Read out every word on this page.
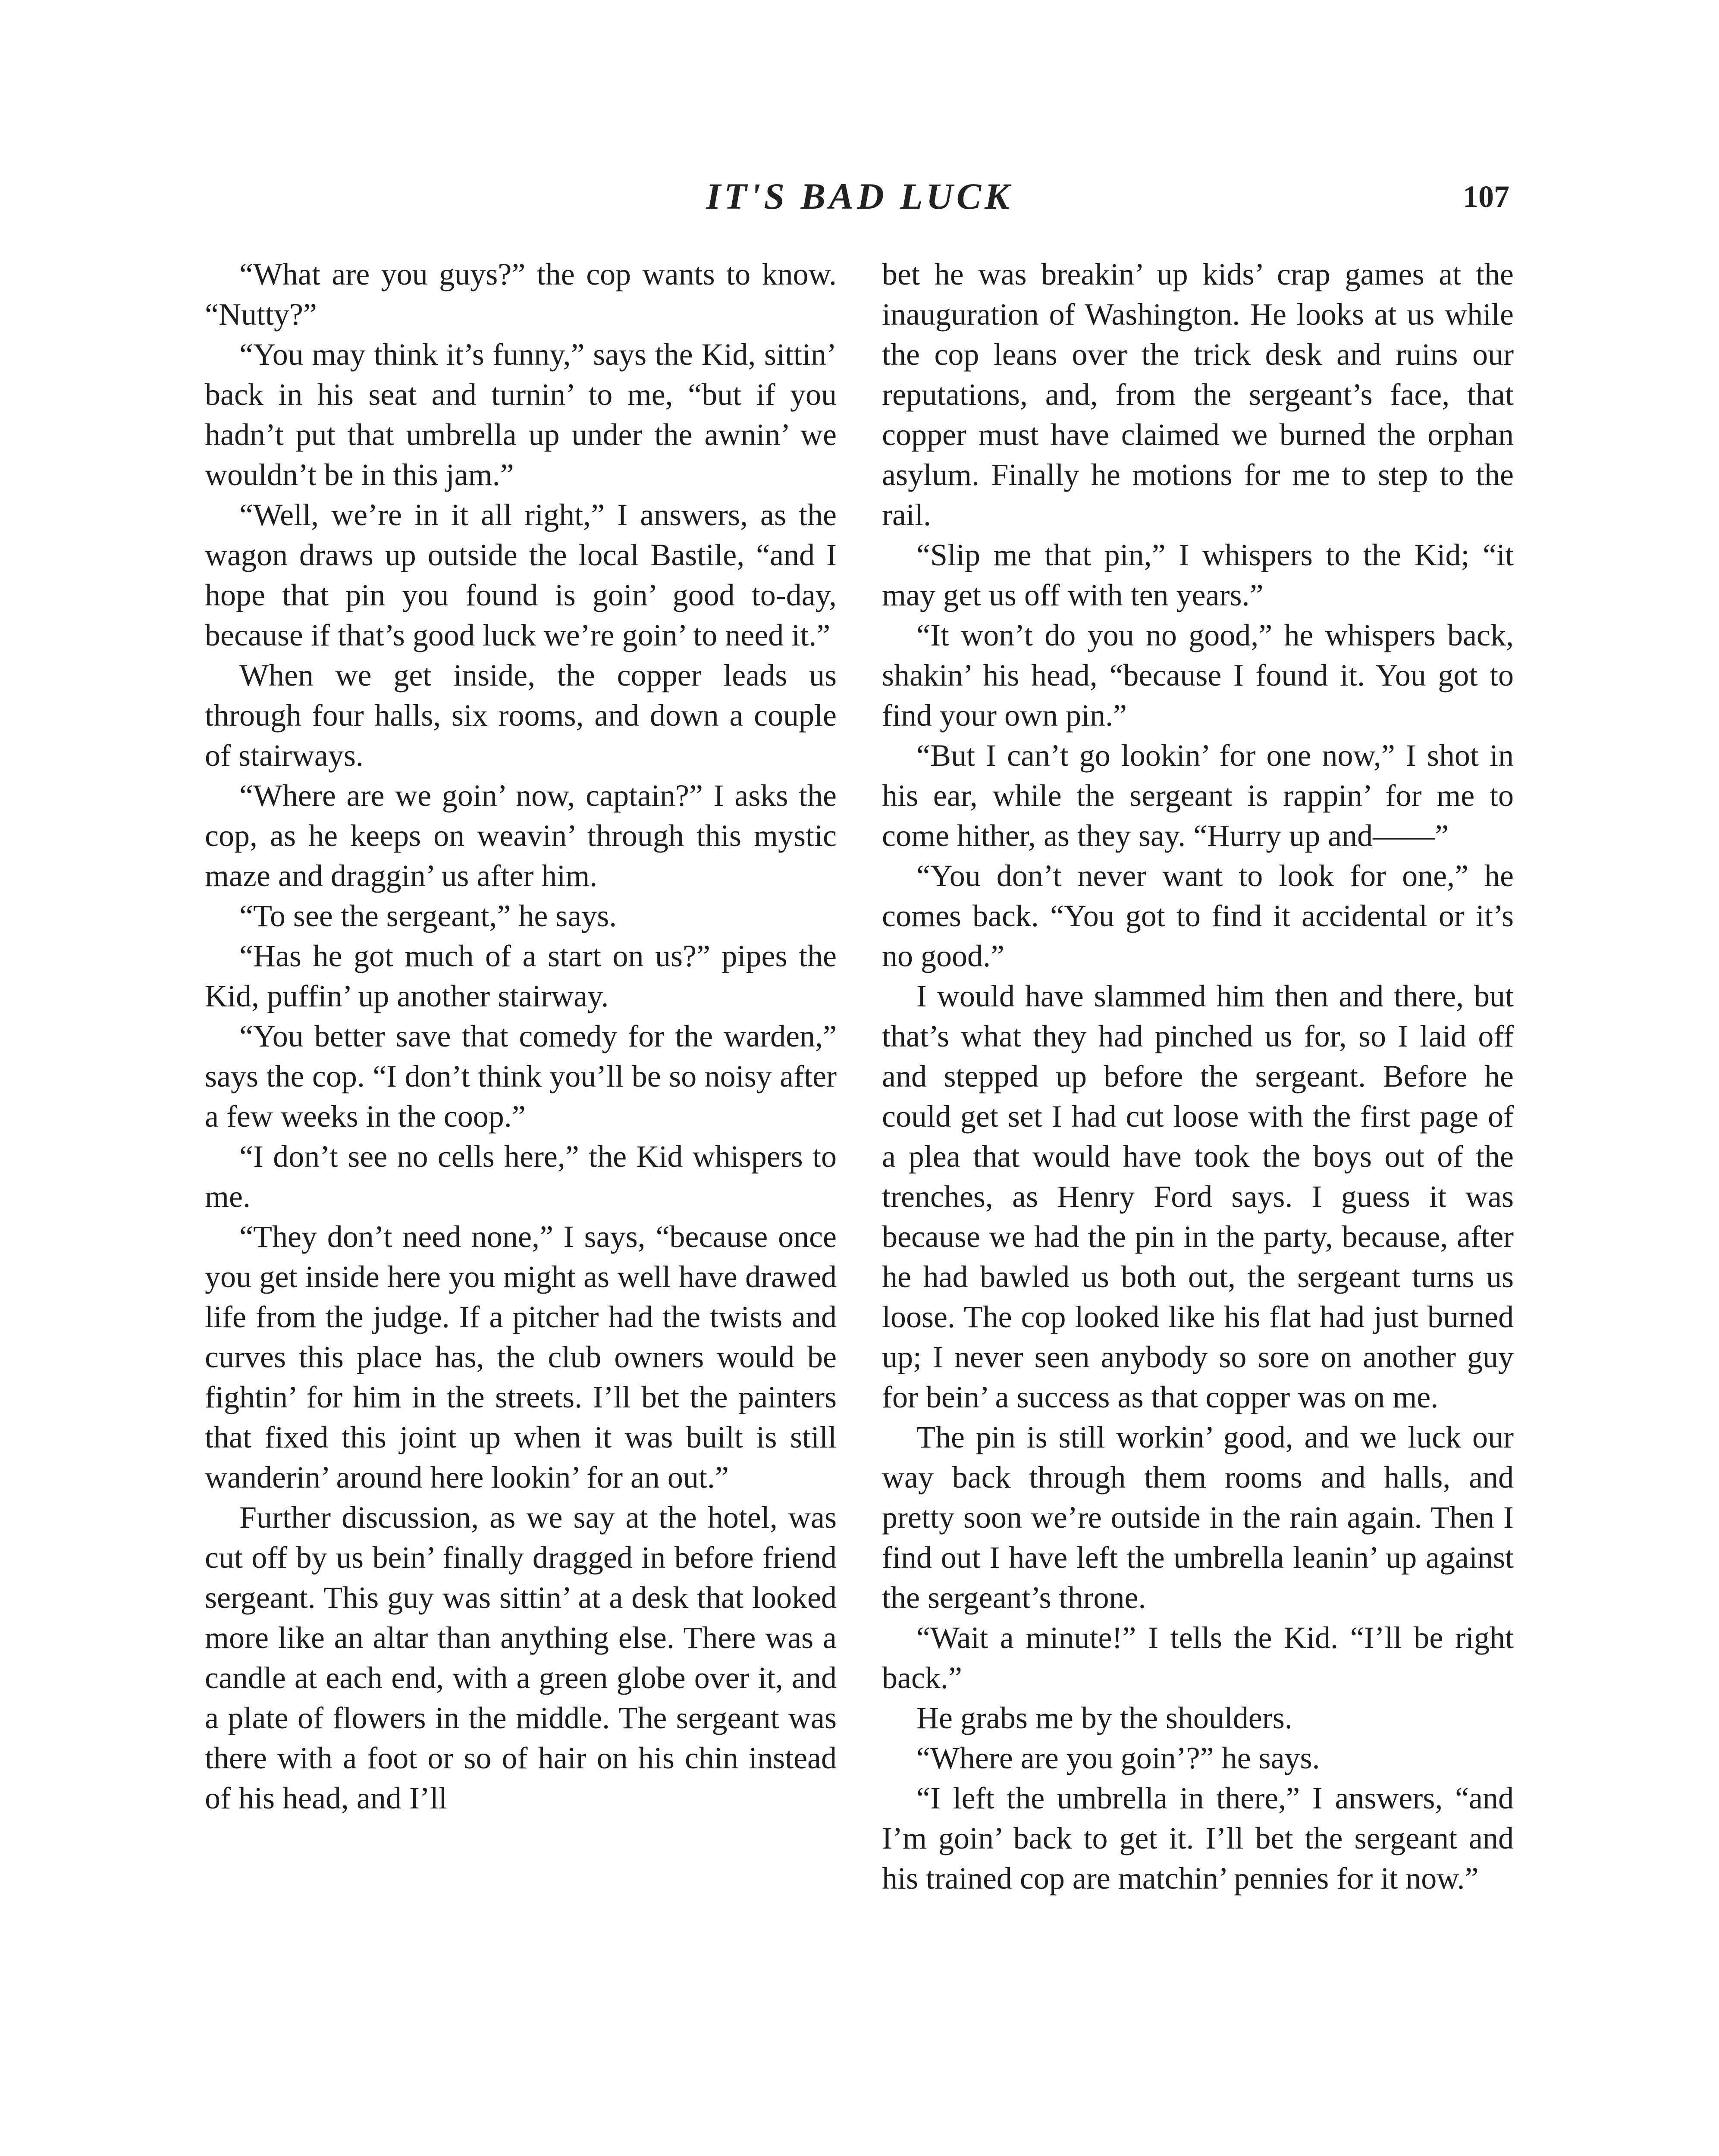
IT'S BAD LUCK	107

“What are you guys?” the cop wants to know. “Nutty?”

“You may think it’s funny,” says the Kid, sittin’ back in his seat and turnin’ to me, “but if you hadn’t put that umbrella up under the awnin’ we wouldn’t be in this jam.”

“Well, we’re in it all right,” I answers, as the wagon draws up outside the local Bastile, “and I hope that pin you found is goin’ good to-day, because if that’s good luck we’re goin’ to need it.”

When we get inside, the copper leads us through four halls, six rooms, and down a couple of stairways.

“Where are we goin’ now, captain?” I asks the cop, as he keeps on weavin’ through this mystic maze and draggin’ us after him.

“To see the sergeant,” he says.

“Has he got much of a start on us?” pipes the Kid, puffin’ up another stairway.

“You better save that comedy for the warden,” says the cop. “I don’t think you’ll be so noisy after a few weeks in the coop.”

“I don’t see no cells here,” the Kid whispers to me.

“They don’t need none,” I says, “because once you get inside here you might as well have drawed life from the judge. If a pitcher had the twists and curves this place has, the club owners would be fightin’ for him in the streets. I’ll bet the painters that fixed this joint up when it was built is still wanderin’ around here lookin’ for an out.”

Further discussion, as we say at the hotel, was cut off by us bein’ finally dragged in before friend sergeant. This guy was sittin’ at a desk that looked more like an altar than anything else. There was a candle at each end, with a green globe over it, and a plate of flowers in the middle. The sergeant was there with a foot or so of hair on his chin instead of his head, and I’ll

bet he was breakin’ up kids’ crap games at the inauguration of Washington. He looks at us while the cop leans over the trick desk and ruins our reputations, and, from the sergeant’s face, that copper must have claimed we burned the orphan asylum. Finally he motions for me to step to the rail.

“Slip me that pin,” I whispers to the Kid; “it may get us off with ten years.”

“It won’t do you no good,” he whispers back, shakin’ his head, “because I found it. You got to find your own pin.”

“But I can’t go lookin’ for one now,” I shot in his ear, while the sergeant is rappin’ for me to come hither, as they say. “Hurry up and——”

“You don’t never want to look for one,” he comes back. “You got to find it accidental or it’s no good.”

I would have slammed him then and there, but that’s what they had pinched us for, so I laid off and stepped up before the sergeant. Before he could get set I had cut loose with the first page of a plea that would have took the boys out of the trenches, as Henry Ford says. I guess it was because we had the pin in the party, because, after he had bawled us both out, the sergeant turns us loose. The cop looked like his flat had just burned up; I never seen anybody so sore on another guy for bein’ a success as that copper was on me.

The pin is still workin’ good, and we luck our way back through them rooms and halls, and pretty soon we’re outside in the rain again. Then I find out I have left the umbrella leanin’ up against the sergeant’s throne.

“Wait a minute!” I tells the Kid. “I’ll be right back.”

He grabs me by the shoulders.

“Where are you goin’?” he says.

“I left the umbrella in there,” I answers, “and I’m goin’ back to get it. I’ll bet the sergeant and his trained cop are matchin’ pennies for it now.”
